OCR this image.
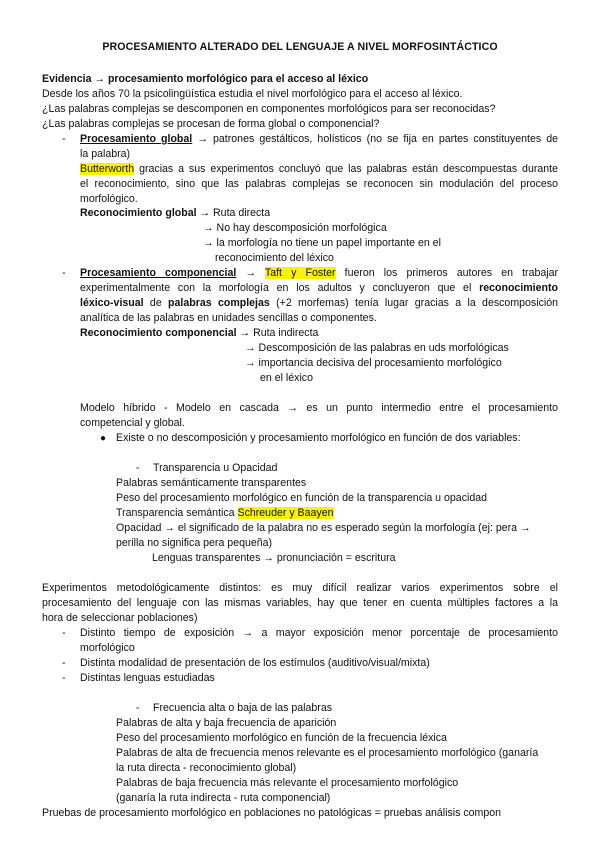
PROCESAMIENTO ALTERADO DEL LENGUAJE A NIVEL MORFOSINTÁCTICO
Evidencia → procesamiento morfológico para el acceso al léxico
Desde los años 70 la psicolingüística estudia el nivel morfológico para el acceso al léxico.
¿Las palabras complejas se descomponen en componentes morfológicos para ser reconocidas?
¿Las palabras complejas se procesan de forma global o componencial?
- Procesamiento global → patrones gestálticos, holísticos (no se fija en partes constituyentes de
la palabra)
Butterworth gracias a sus experimentos concluyó que las palabras están descompuestas durante
el reconocimiento, sino que las palabras complejas se reconocen sin modulación del proceso
morfológico.
Reconocimiento global → Ruta directa
→ No hay descomposición morfológica
→ la morfología no tiene un papel importante en el
reconocimiento del léxico
- Procesamiento componencial → Taft y Foster fueron los primeros autores en trabajar
experimentalmente con la morfología en los adultos y concluyeron que el reconocimiento
léxico-visual de palabras complejas (+2 morfemas) tenía lugar gracias a la descomposición
analítica de las palabras en unidades sencillas o componentes.
Reconocimiento componencial → Ruta indirecta
→ Descomposición de las palabras en uds morfológicas
→ importancia decisiva del procesamiento morfológico
en el léxico
Modelo híbrido - Modelo en cascada → es un punto intermedio entre el procesamiento
competencial y global.
● Existe o no descomposición y procesamiento morfológico en función de dos variables:
- Transparencia u Opacidad
Palabras semánticamente transparentes
Peso del procesamiento morfológico en función de la transparencia u opacidad
Transparencia semántica Schreuder y Baayen
Opacidad → el significado de la palabra no es esperado según la morfología (ej: pera →
perilla no significa pera pequeña)
Lenguas transparentes → pronunciación = escritura
Experimentos metodológicamente distintos: es muy difícil realizar varios experimentos sobre el
procesamiento del lenguaje con las mismas variables, hay que tener en cuenta múltiples factores a la
hora de seleccionar poblaciones)
- Distinto tiempo de exposición → a mayor exposición menor porcentaje de procesamiento
morfológico
- Distinta modalidad de presentación de los estímulos (auditivo/visual/mixta)
- Distintas lenguas estudiadas
- Frecuencia alta o baja de las palabras
Palabras de alta y baja frecuencia de aparición
Peso del procesamiento morfológico en función de la frecuencia léxica
Palabras de alta de frecuencia menos relevante es el procesamiento morfológico (ganaría
la ruta directa - reconocimiento global)
Palabras de baja frecuencia más relevante el procesamiento morfológico
(ganaría la ruta indirecta - ruta componencial)
Pruebas de procesamiento morfológico en poblaciones no patológicas = pruebas análisis compon
